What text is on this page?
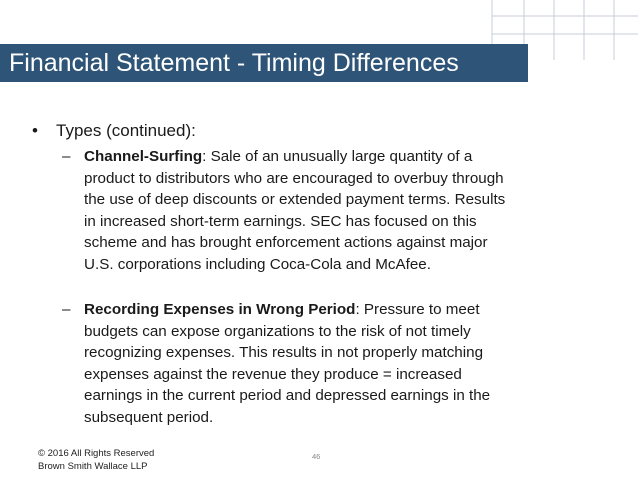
Financial Statement - Timing Differences
• Types (continued):
– Channel-Surfing: Sale of an unusually large quantity of a
product to distributors who are encouraged to overbuy through
the use of deep discounts or extended payment terms. Results
in increased short-term earnings. SEC has focused on this
scheme and has brought enforcement actions against major
U.S. corporations including Coca-Cola and McAfee.
– Recording Expenses in Wrong Period: Pressure to meet
budgets can expose organizations to the risk of not timely
recognizing expenses. This results in not properly matching
expenses against the revenue they produce = increased
earnings in the current period and depressed earnings in the
subsequent period.
© 2016 All Rights Reserved
Brown Smith Wallace LLP
46
